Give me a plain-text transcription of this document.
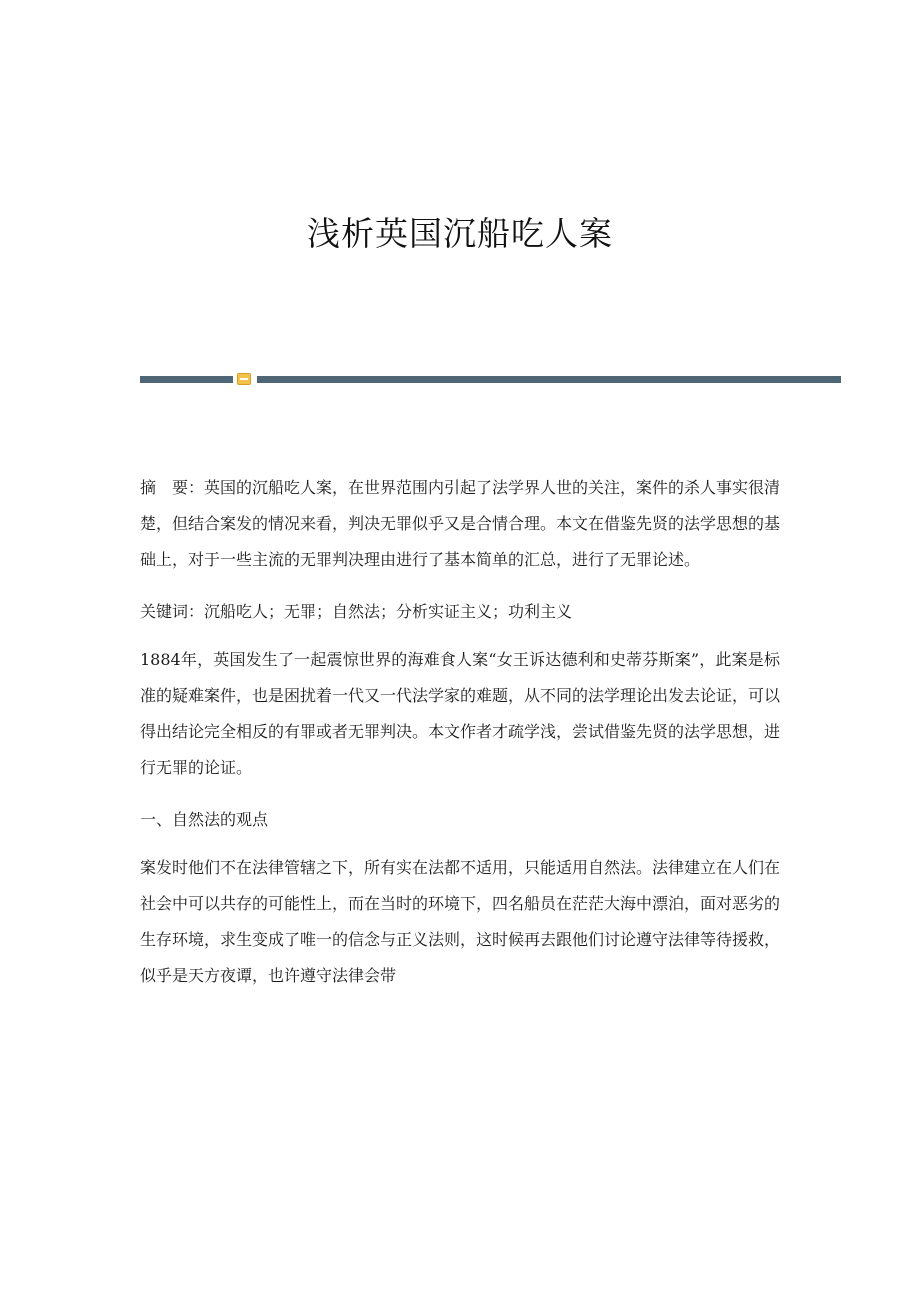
浅析英国沉船吃人案

摘　要：英国的沉船吃人案，在世界范围内引起了法学界人世的关注，案件的杀人事实很清楚，但结合案发的情况来看，判决无罪似乎又是合情合理。本文在借鉴先贤的法学思想的基础上，对于一些主流的无罪判决理由进行了基本简单的汇总，进行了无罪论述。

关键词：沉船吃人；无罪；自然法；分析实证主义；功利主义

1884年，英国发生了一起震惊世界的海难食人案“女王诉达德利和史蒂芬斯案”，此案是标准的疑难案件，也是困扰着一代又一代法学家的难题，从不同的法学理论出发去论证，可以得出结论完全相反的有罪或者无罪判决。本文作者才疏学浅，尝试借鉴先贤的法学思想，进行无罪的论证。

一、自然法的观点

案发时他们不在法律管辖之下，所有实在法都不适用，只能适用自然法。法律建立在人们在社会中可以共存的可能性上，而在当时的环境下，四名船员在茫茫大海中漂泊，面对恶劣的生存环境，求生变成了唯一的信念与正义法则，这时候再去跟他们讨论遵守法律等待援救，似乎是天方夜谭，也许遵守法律会带
